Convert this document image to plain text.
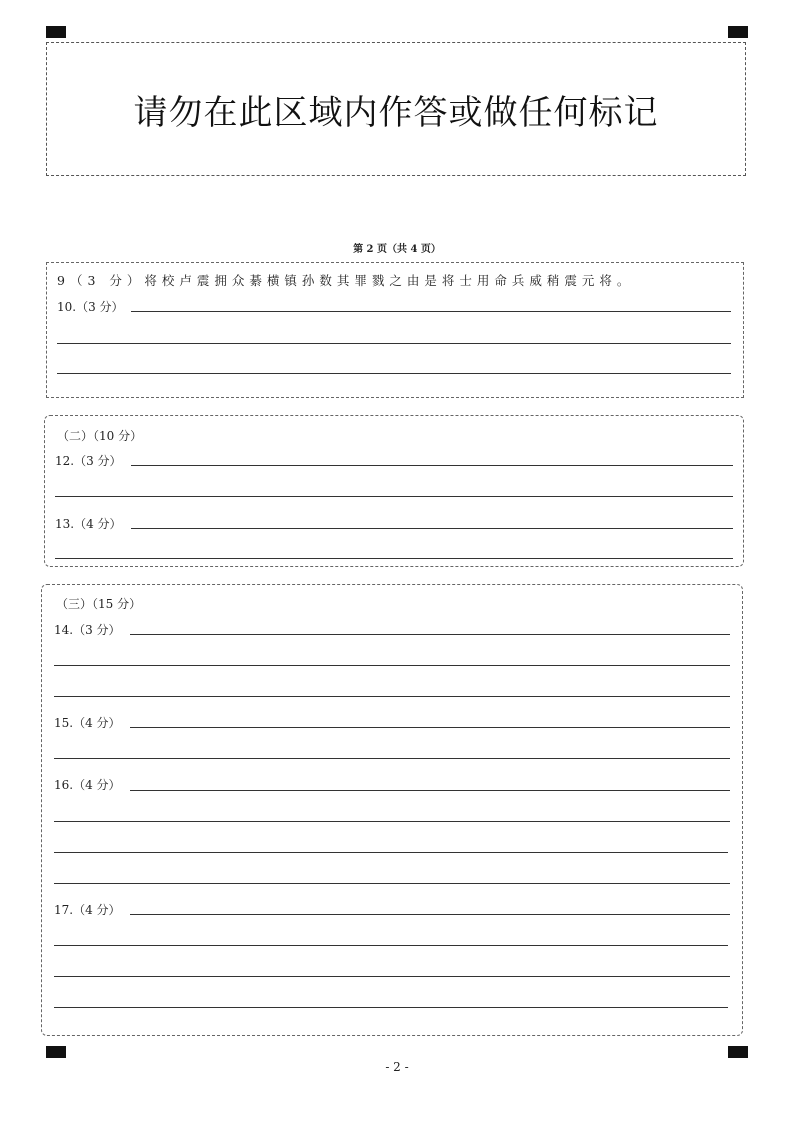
请勿在此区域内作答或做任何标记
第 2 页（共 4 页）
9（3 分）将校卢震拥众綦横镇孙数其罪戮之由是将士用命兵威稍震元将。
10.（3 分）
（二）（10 分）
12.（3 分）
13.（4 分）
（三）（15 分）
14.（3 分）
15.（4 分）
16.（4 分）
17.（4 分）
- 2 -
